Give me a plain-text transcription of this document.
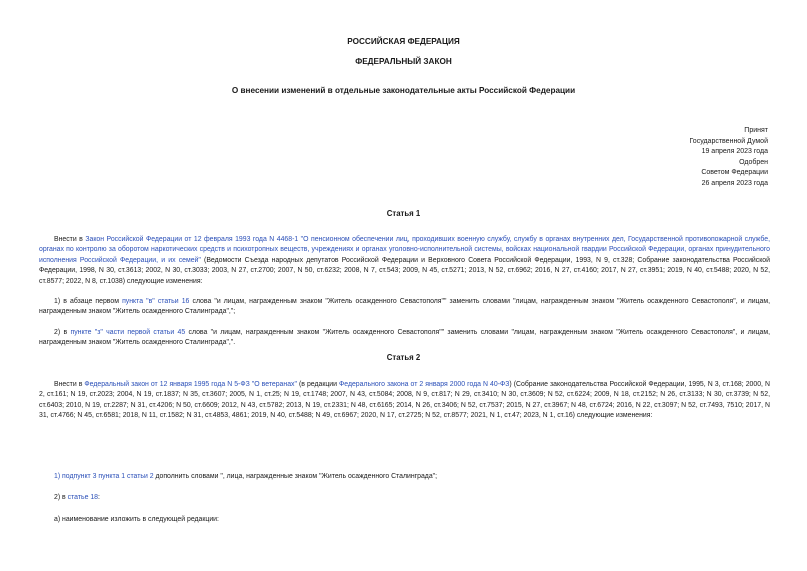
РОССИЙСКАЯ ФЕДЕРАЦИЯ
ФЕДЕРАЛЬНЫЙ ЗАКОН
О внесении изменений в отдельные законодательные акты Российской Федерации
Принят
Государственной Думой
19 апреля 2023 года
Одобрен
Советом Федерации
26 апреля 2023 года
Статья 1

Внести в Закон Российской Федерации от 12 февраля 1993 года N 4468-1 "О пенсионном обеспечении лиц, проходивших военную службу, службу в органах внутренних дел, Государственной противопожарной службе, органах по контролю за оборотом наркотических средств и психотропных веществ, учреждениях и органах уголовно-исполнительной системы, войсках национальной гвардии Российской Федерации, органах принудительного исполнения Российской Федерации, и их семей" (Ведомости Съезда народных депутатов Российской Федерации и Верховного Совета Российской Федерации, 1993, N 9, ст.328; Собрание законодательства Российской Федерации, 1998, N 30, ст.3613; 2002, N 30, ст.3033; 2003, N 27, ст.2700; 2007, N 50, ст.6232; 2008, N 7, ст.543; 2009, N 45, ст.5271; 2013, N 52, ст.6962; 2016, N 27, ст.4160; 2017, N 27, ст.3951; 2019, N 40, ст.5488; 2020, N 52, ст.8577; 2022, N 8, ст.1038) следующие изменения:

1) в абзаце первом пункта "в" статьи 16 слова "и лицам, награжденным знаком "Житель осажденного Севастополя"" заменить словами "лицам, награжденным знаком "Житель осажденного Севастополя", и лицам, награжденным знаком "Житель осажденного Сталинграда",";

2) в пункте "з" части первой статьи 45 слова "и лицам, награжденным знаком "Житель осажденного Севастополя"" заменить словами "лицам, награжденным знаком "Житель осажденного Севастополя", и лицам, награжденным знаком "Житель осажденного Сталинграда",".

Статья 2

Внести в Федеральный закон от 12 января 1995 года N 5-ФЗ "О ветеранах" (в редакции Федерального закона от 2 января 2000 года N 40-ФЗ) (Собрание законодательства Российской Федерации, 1995, N 3, ст.168; 2000, N 2, ст.161; N 19, ст.2023; 2004, N 19, ст.1837; N 35, ст.3607; 2005, N 1, ст.25; N 19, ст.1748; 2007, N 43, ст.5084; 2008, N 9, ст.817; N 29, ст.3410; N 30, ст.3609; N 52, ст.6224; 2009, N 18, ст.2152; N 26, ст.3133; N 30, ст.3739; N 52, ст.6403; 2010, N 19, ст.2287; N 31, ст.4206; N 50, ст.6609; 2012, N 43, ст.5782; 2013, N 19, ст.2331; N 48, ст.6165; 2014, N 26, ст.3406; N 52, ст.7537; 2015, N 27, ст.3967; N 48, ст.6724; 2016, N 22, ст.3097; N 52, ст.7493, 7510; 2017, N 31, ст.4766; N 45, ст.6581; 2018, N 11, ст.1582; N 31, ст.4853, 4861; 2019, N 40, ст.5488; N 49, ст.6967; 2020, N 17, ст.2725; N 52, ст.8577; 2021, N 1, ст.47; 2023, N 1, ст.16) следующие изменения:

1) подпункт 3 пункта 1 статьи 2 дополнить словами ", лица, награжденные знаком "Житель осажденного Сталинграда";

2) в статье 18:

а) наименование изложить в следующей редакции:
